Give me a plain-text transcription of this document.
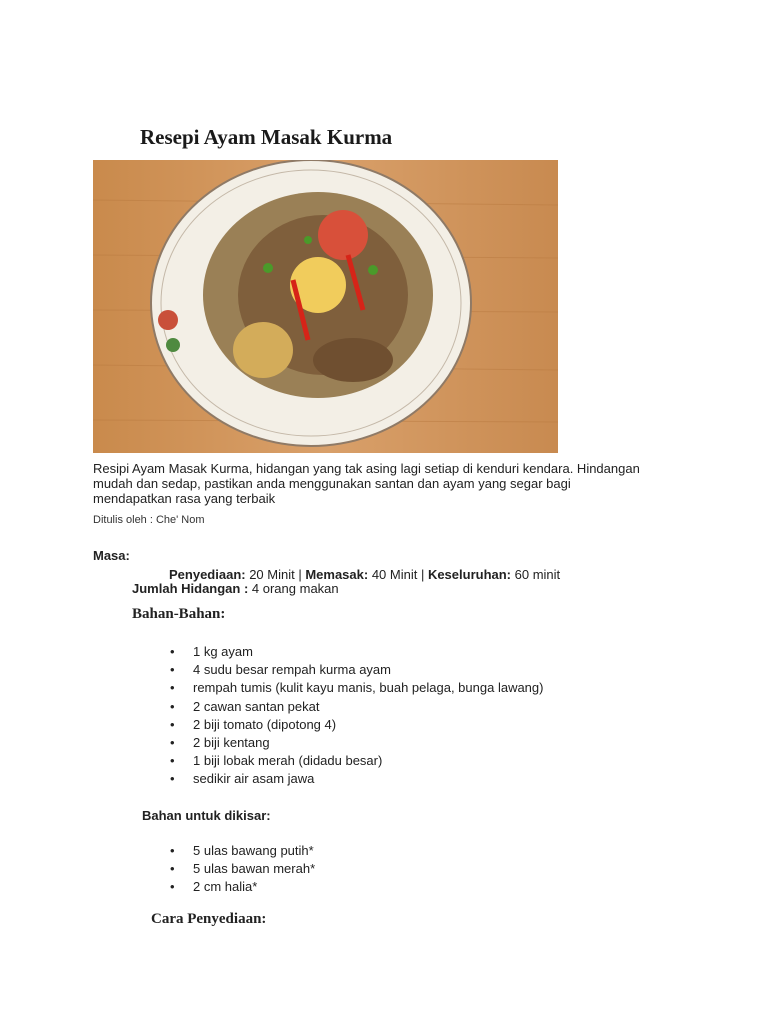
Resepi Ayam Masak Kurma
Resipi Ayam Masak Kurma, hidangan yang tak asing lagi setiap di kenduri kendara. Hindangan
mudah dan sedap, pastikan anda menggunakan santan dan ayam yang segar bagi
mendapatkan rasa yang terbaik
Ditulis oleh : Che' Nom
Masa:
Penyediaan: 20 Minit | Memasak: 40 Minit | Keseluruhan: 60 minit
Jumlah Hidangan : 4 orang makan
Bahan-Bahan:
• 1 kg ayam
• 4 sudu besar rempah kurma ayam
• rempah tumis (kulit kayu manis, buah pelaga, bunga lawang)
• 2 cawan santan pekat
• 2 biji tomato (dipotong 4)
• 2 biji kentang
• 1 biji lobak merah (didadu besar)
• sedikir air asam jawa
Bahan untuk dikisar:
• 5 ulas bawang putih*
• 5 ulas bawan merah*
• 2 cm halia*
Cara Penyediaan:
